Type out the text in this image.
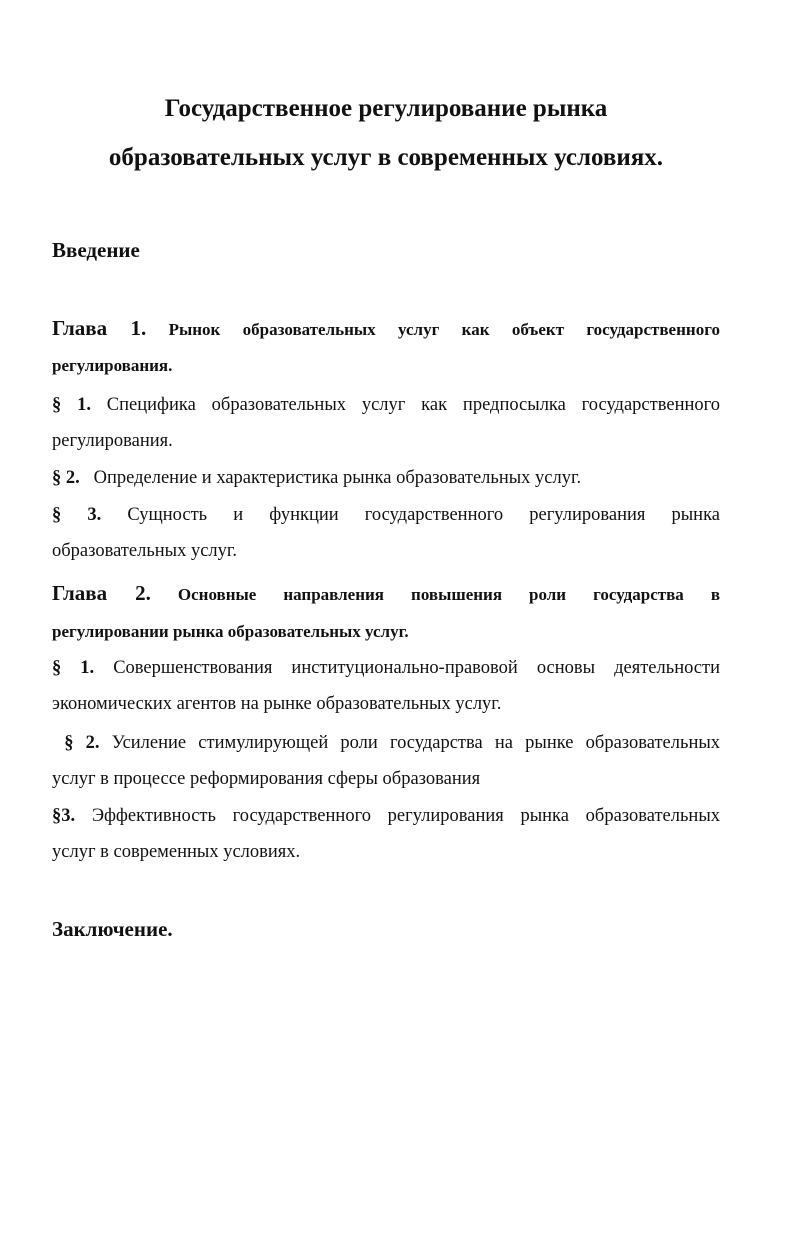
Государственное регулирование рынка
образовательных услуг в современных условиях.
Введение
Глава 1. Рынок образовательных услуг как объект государственного
регулирования.
§ 1. Специфика образовательных услуг как предпосылка государственного
регулирования.
§ 2. Определение и характеристика рынка образовательных услуг.
§ 3. Сущность и функции государственного регулирования рынка
образовательных услуг.
Глава 2. Основные направления повышения роли государства в
регулировании рынка образовательных услуг.
§ 1. Совершенствования институционально-правовой основы деятельности
экономических агентов на рынке образовательных услуг.
§ 2. Усиление стимулирующей роли государства на рынке образовательных
услуг в процессе реформирования сферы образования
§3. Эффективность государственного регулирования рынка образовательных
услуг в современных условиях.
Заключение.
